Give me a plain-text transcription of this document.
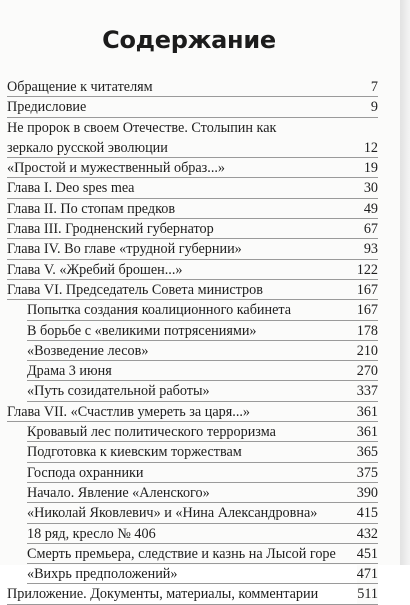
Содержание
Обращение к читателям	7
Предисловие	9
Не пророк в своем Отечестве. Столыпин как зеркало русской эволюции	12
«Простой и мужественный образ...»	19
Глава I. Deo spes mea	30
Глава II. По стопам предков	49
Глава III. Гродненский губернатор	67
Глава IV. Во главе «трудной губернии»	93
Глава V. «Жребий брошен...»	122
Глава VI. Председатель Совета министров	167
Попытка создания коалиционного кабинета	167
В борьбе с «великими потрясениями»	178
«Возведение лесов»	210
Драма 3 июня	270
«Путь созидательной работы»	337
Глава VII. «Счастлив умереть за царя...»	361
Кровавый лес политического терроризма	361
Подготовка к киевским торжествам	365
Господа охранники	375
Начало. Явление «Аленского»	390
«Николай Яковлевич» и «Нина Александровна»	415
18 ряд, кресло № 406	432
Смерть премьера, следствие и казнь на Лысой горе	451
«Вихрь предположений»	471
Приложение. Документы, материалы, комментарии	511
